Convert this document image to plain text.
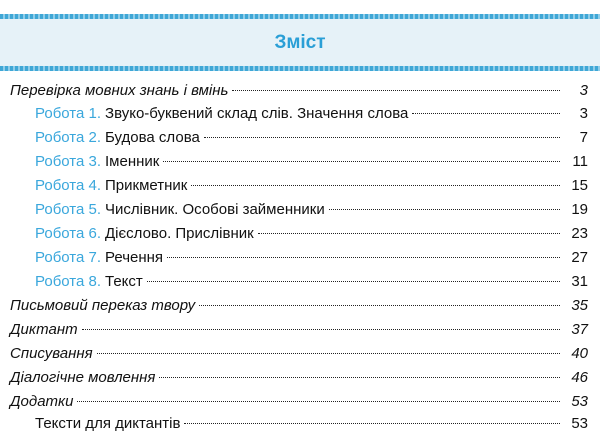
Зміст
Перевірка мовних знань і вмінь	3
Робота 1. Звуко-буквений склад слів. Значення слова	3
Робота 2. Будова слова	7
Робота 3. Іменник	11
Робота 4. Прикметник	15
Робота 5. Числівник. Особові займенники	19
Робота 6. Дієслово. Прислівник	23
Робота 7. Речення	27
Робота 8. Текст	31
Письмовий переказ твору	35
Диктант	37
Списування	40
Діалогічне мовлення	46
Додатки	53
Тексти для диктантів	53
